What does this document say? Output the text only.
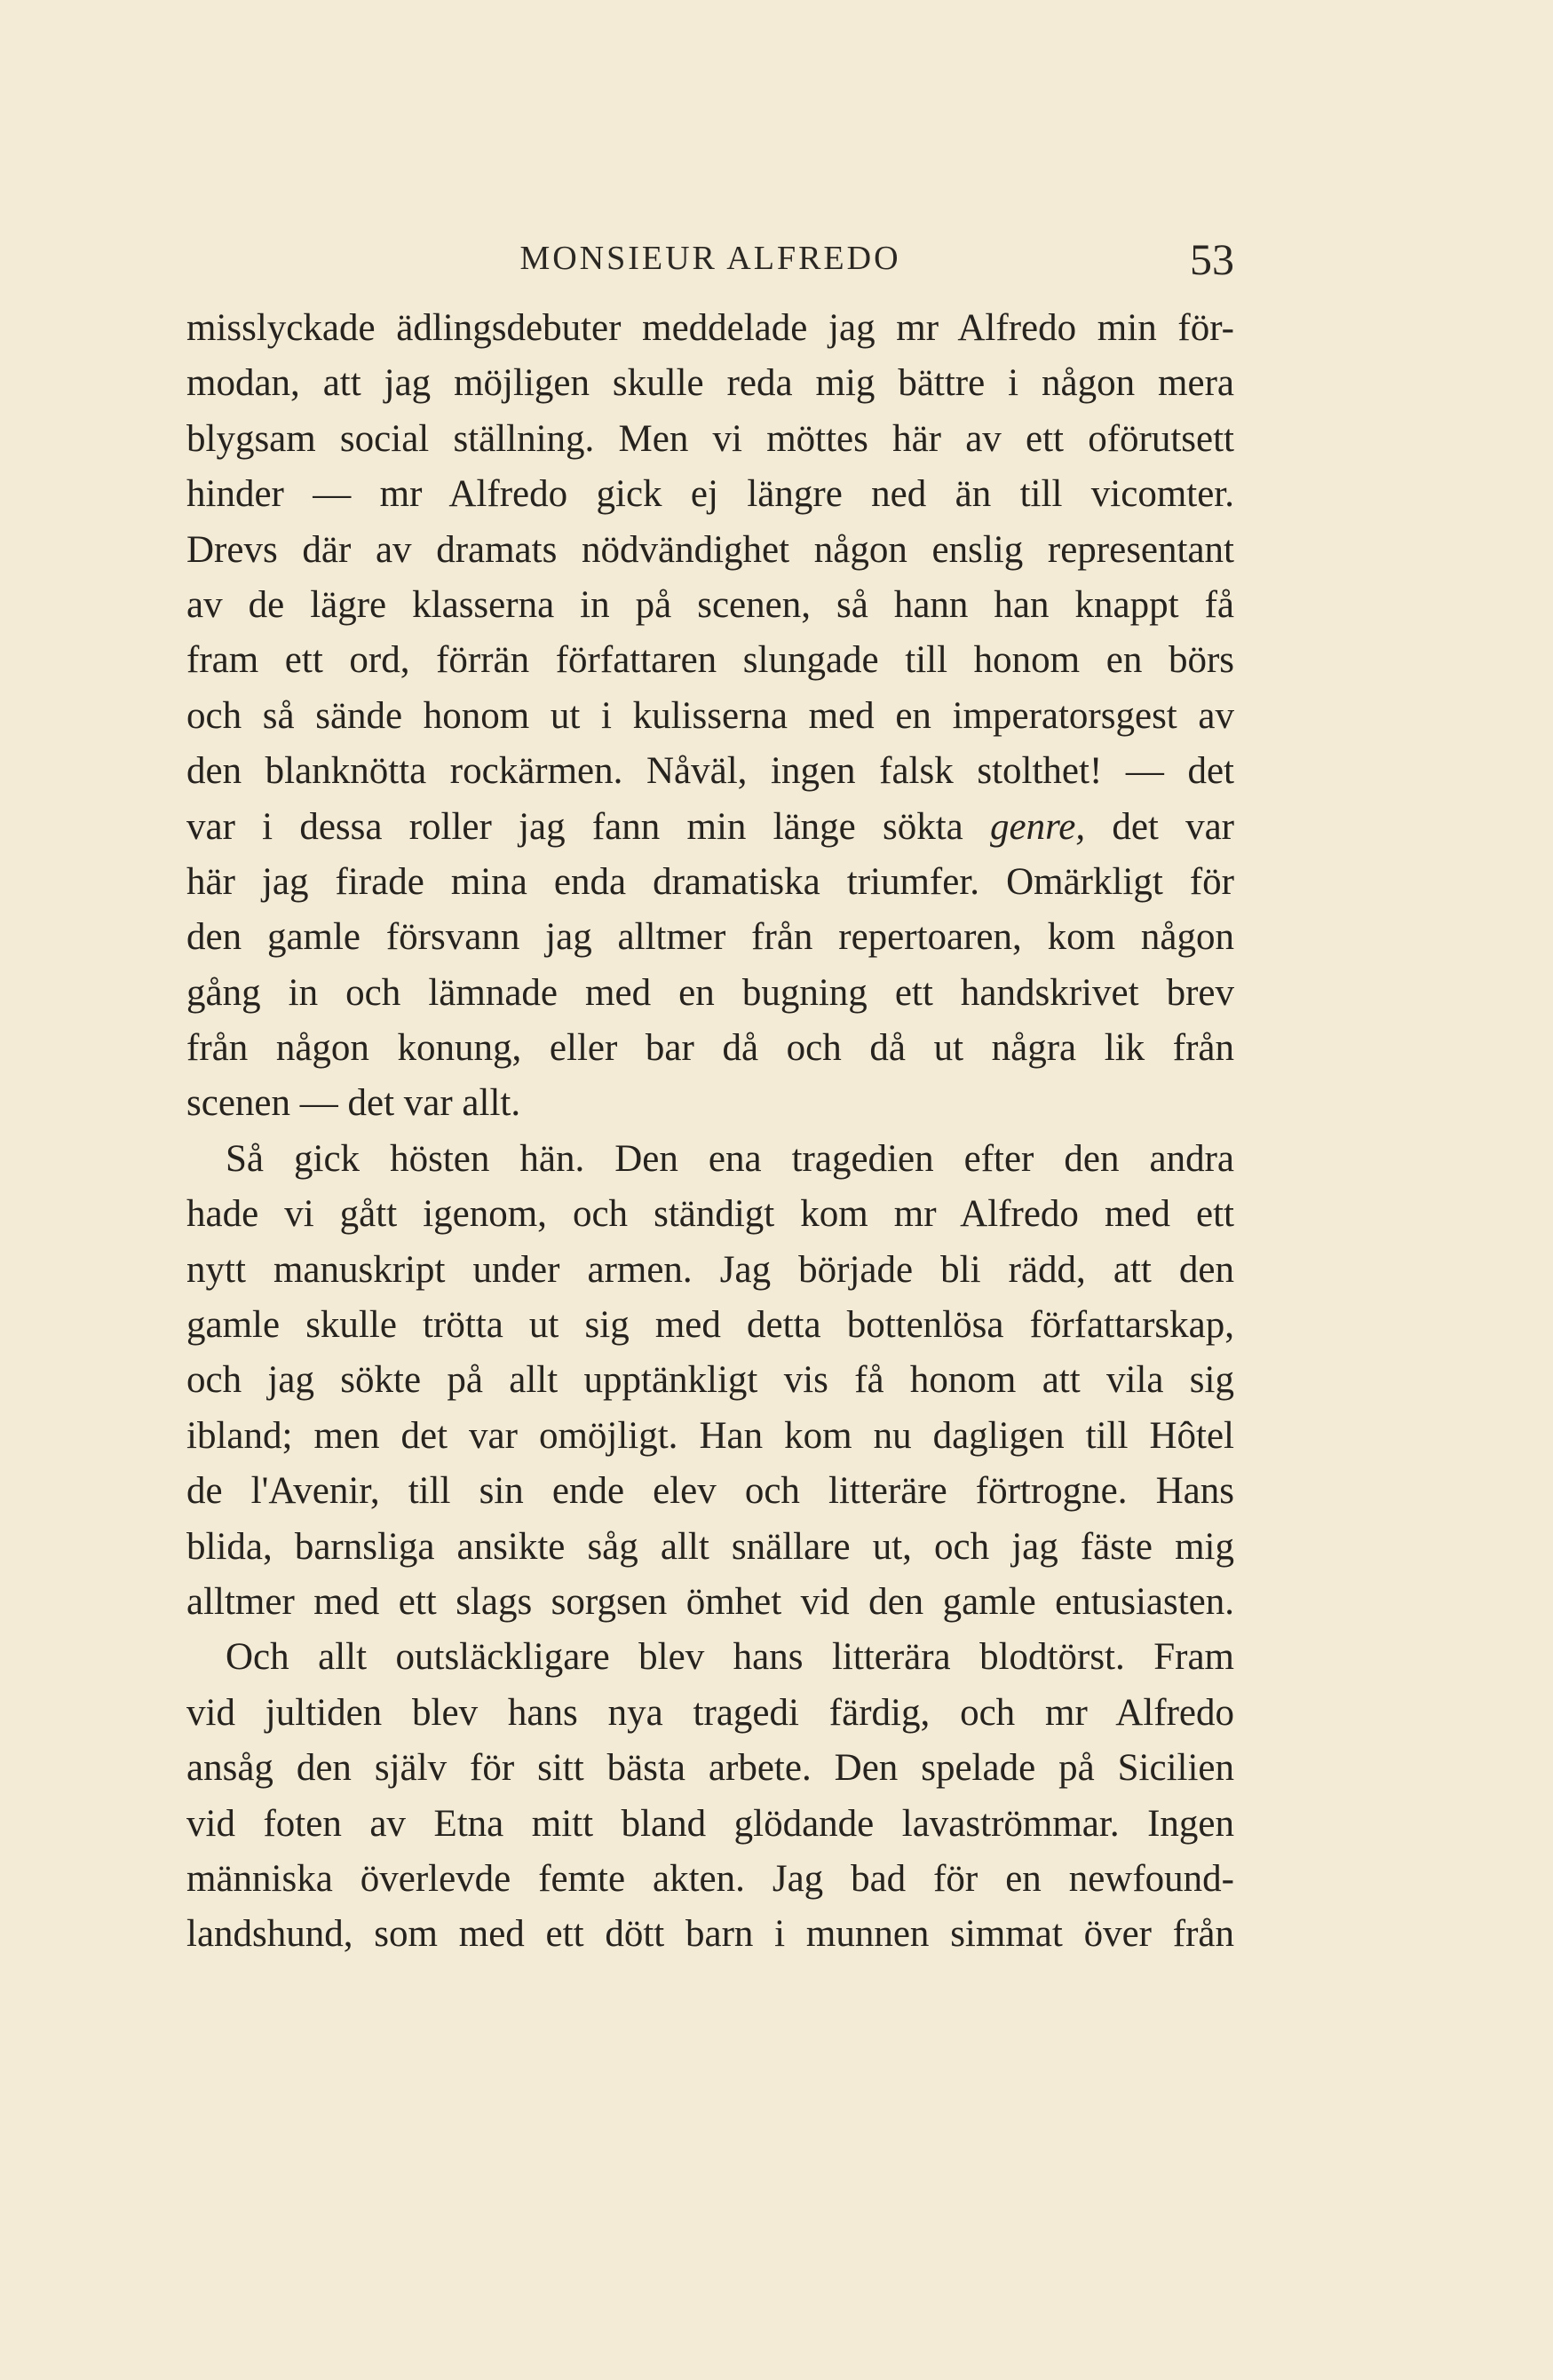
MONSIEUR ALFREDO	53
misslyckade ädlingsdebuter meddelade jag mr Alfredo min för-
modan, att jag möjligen skulle reda mig bättre i någon mera
blygsam social ställning. Men vi möttes här av ett oförutsett
hinder — mr Alfredo gick ej längre ned än till vicomter.
Drevs där av dramats nödvändighet någon enslig representant
av de lägre klasserna in på scenen, så hann han knappt få
fram ett ord, förrän författaren slungade till honom en börs
och så sände honom ut i kulisserna med en imperatorsgest av
den blanknötta rockärmen. Nåväl, ingen falsk stolthet! — det
var i dessa roller jag fann min länge sökta genre, det var
här jag firade mina enda dramatiska triumfer. Omärkligt för
den gamle försvann jag alltmer från repertoaren, kom någon
gång in och lämnade med en bugning ett handskrivet brev
från någon konung, eller bar då och då ut några lik från
scenen — det var allt.
Så gick hösten hän. Den ena tragedien efter den andra
hade vi gått igenom, och ständigt kom mr Alfredo med ett
nytt manuskript under armen. Jag började bli rädd, att den
gamle skulle trötta ut sig med detta bottenlösa författarskap,
och jag sökte på allt upptänkligt vis få honom att vila sig
ibland; men det var omöjligt. Han kom nu dagligen till Hôtel
de l'Avenir, till sin ende elev och litteräre förtrogne. Hans
blida, barnsliga ansikte såg allt snällare ut, och jag fäste mig
alltmer med ett slags sorgsen ömhet vid den gamle entusiasten.
Och allt outsläckligare blev hans litterära blodtörst. Fram
vid jultiden blev hans nya tragedi färdig, och mr Alfredo
ansåg den själv för sitt bästa arbete. Den spelade på Sicilien
vid foten av Etna mitt bland glödande lavaströmmar. Ingen
människa överlevde femte akten. Jag bad för en newfound-
landshund, som med ett dött barn i munnen simmat över från
